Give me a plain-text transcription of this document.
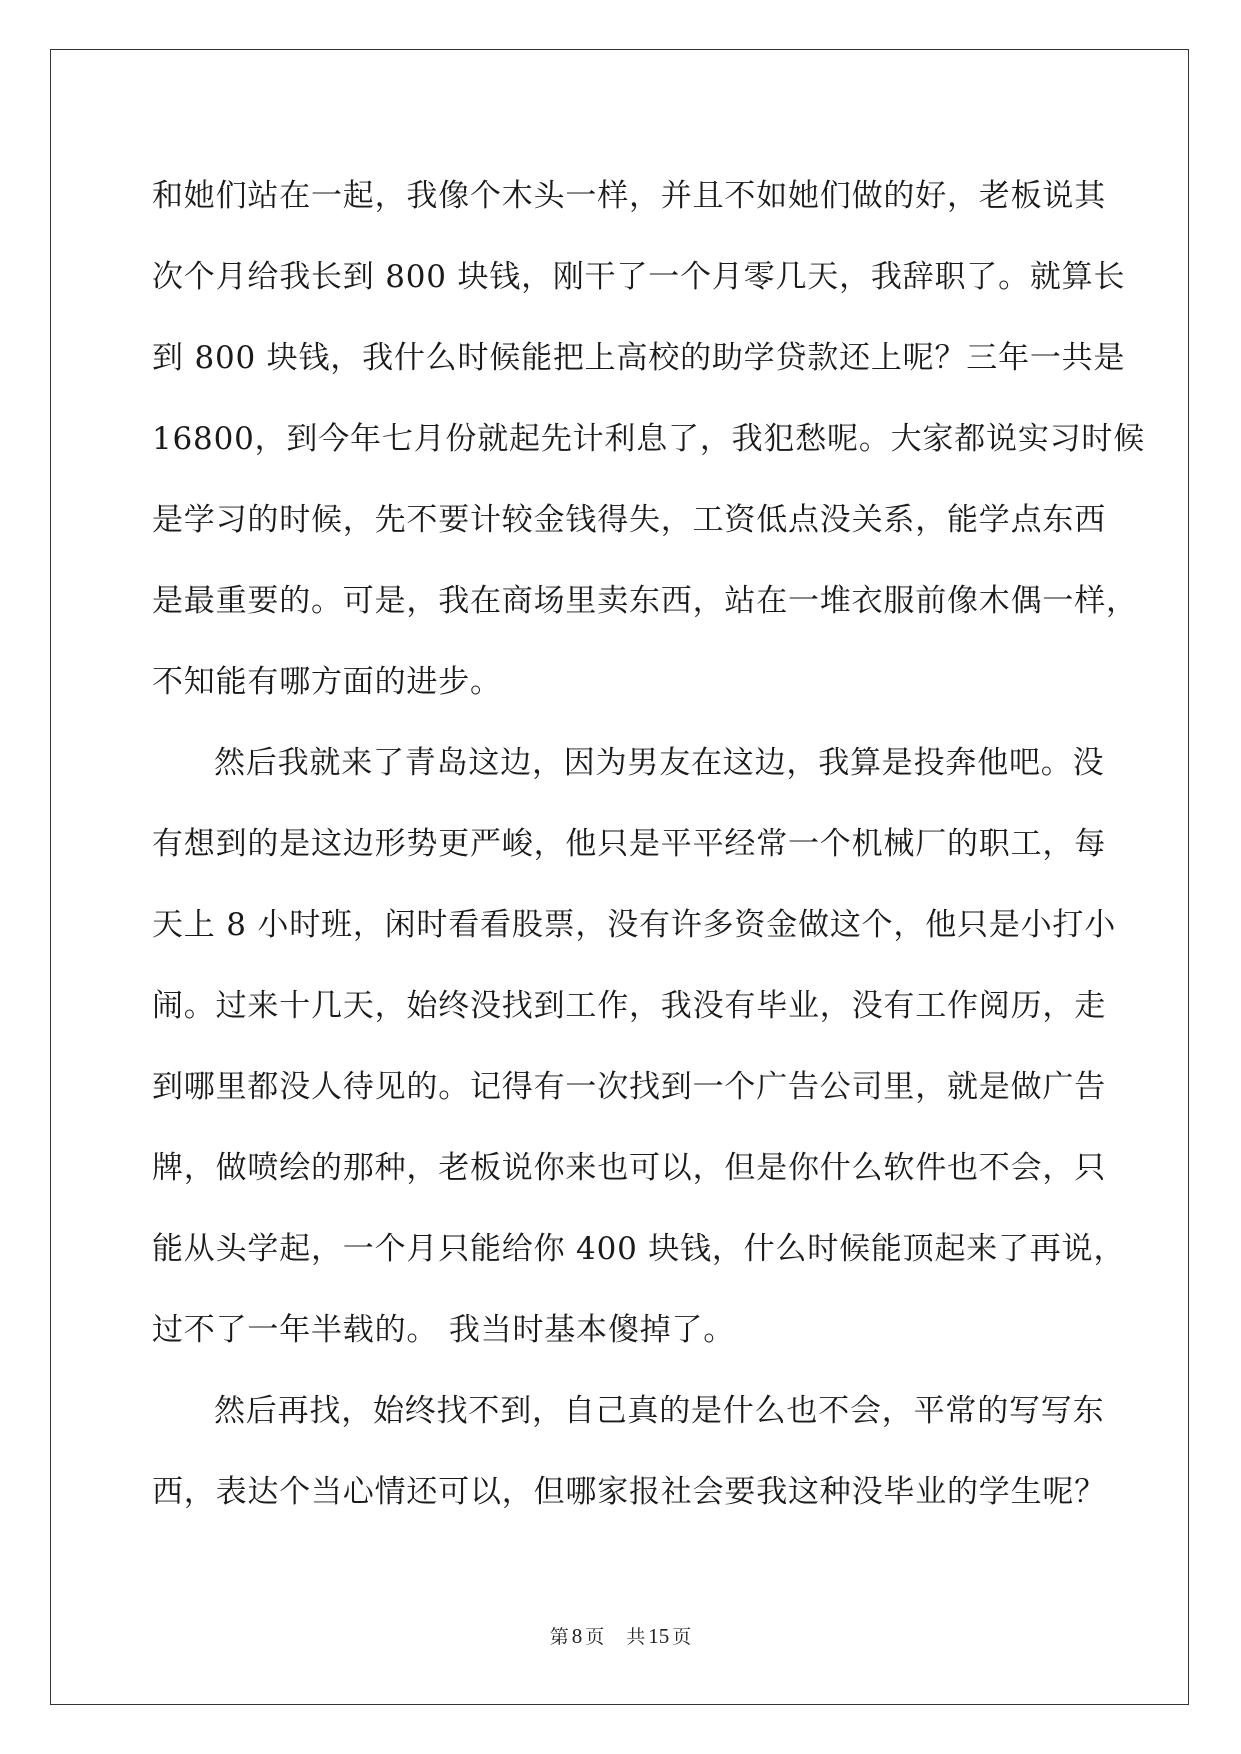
和她们站在一起，我像个木头一样，并且不如她们做的好，老板说其
次个月给我长到 800 块钱，刚干了一个月零几天，我辞职了。就算长
到 800 块钱，我什么时候能把上高校的助学贷款还上呢？三年一共是
16800，到今年七月份就起先计利息了，我犯愁呢。大家都说实习时候
是学习的时候，先不要计较金钱得失，工资低点没关系，能学点东西
是最重要的。可是，我在商场里卖东西，站在一堆衣服前像木偶一样，
不知能有哪方面的进步。
然后我就来了青岛这边，因为男友在这边，我算是投奔他吧。没
有想到的是这边形势更严峻，他只是平平经常一个机械厂的职工，每
天上 8 小时班，闲时看看股票，没有许多资金做这个，他只是小打小
闹。过来十几天，始终没找到工作，我没有毕业，没有工作阅历，走
到哪里都没人待见的。记得有一次找到一个广告公司里，就是做广告
牌，做喷绘的那种，老板说你来也可以，但是你什么软件也不会，只
能从头学起，一个月只能给你 400 块钱，什么时候能顶起来了再说，
过不了一年半载的。 我当时基本傻掉了。
然后再找，始终找不到，自己真的是什么也不会，平常的写写东
西，表达个当心情还可以，但哪家报社会要我这种没毕业的学生呢？
第 8 页 共 15 页
